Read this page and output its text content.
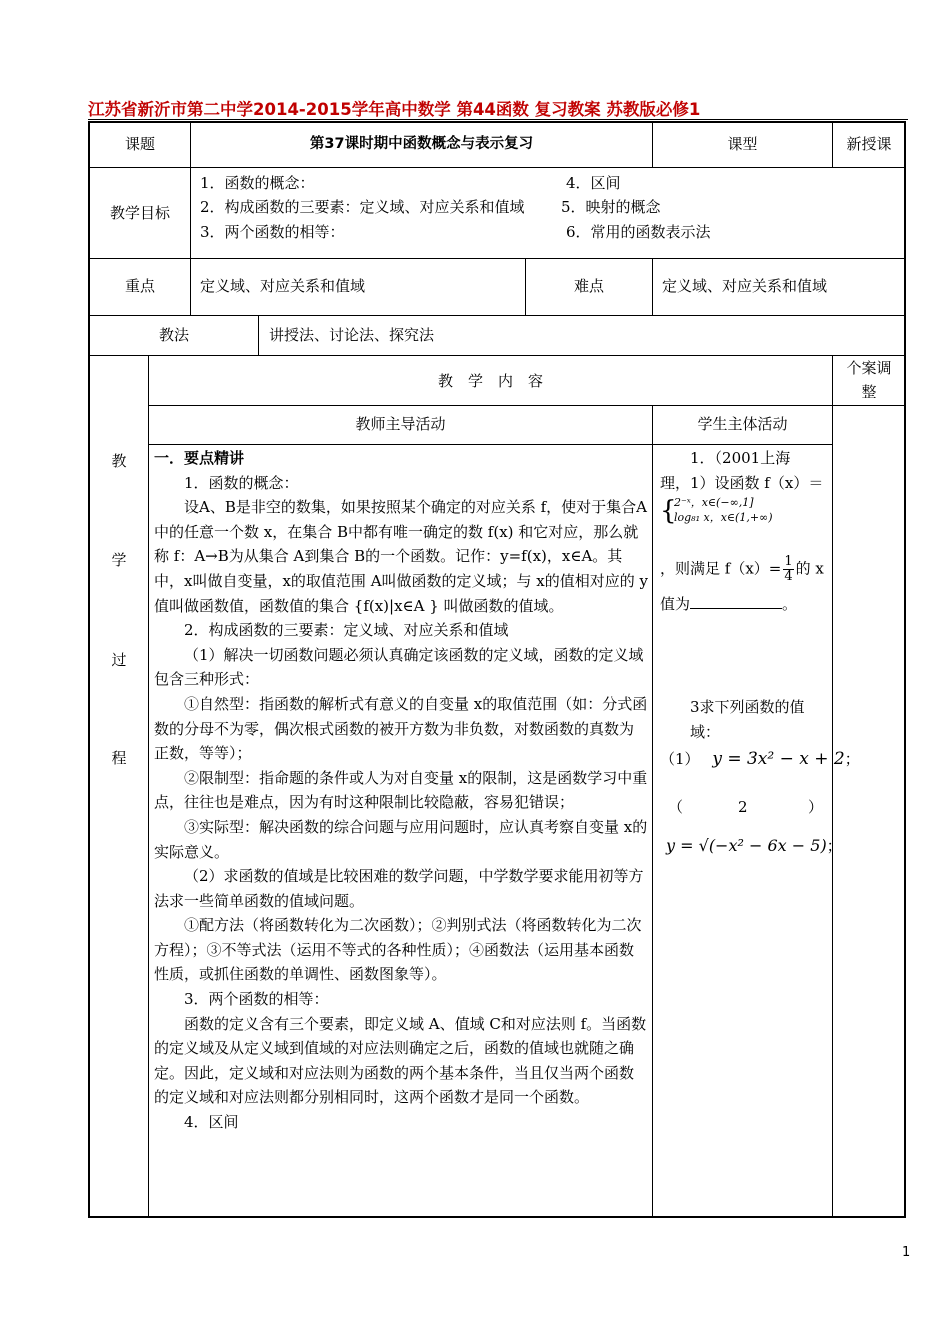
江苏省新沂市第二中学2014-2015学年高中数学 第44函数 复习教案 苏教版必修1
课题	第37课时期中函数概念与表示复习	课型	新授课
教学目标
1．函数的概念：	4．区间
2．构成函数的三要素：定义域、对应关系和值域 5．映射的概念
3．两个函数的相等：	6．常用的函数表示法
重点	定义域、对应关系和值域	难点	定义域、对应关系和值域
教法	讲授法、讨论法、探究法
教
学
过
程
教　学　内　容
个案调整
教师主导活动	学生主体活动

一．要点精讲

1．函数的概念：

设A、B是非空的数集，如果按照某个确定的对应关系 f，使对于集合A中的任意一个数 x，在集合 B中都有唯一确定的数 f(x) 和它对应，那么就称 f：A→B为从集合 A到集合 B的一个函数。记作：y=f(x)，x∈A。其中，x叫做自变量，x的取值范围 A叫做函数的定义域；与 x的值相对应的 y值叫做函数值，函数值的集合 {f(x)|x∈A } 叫做函数的值域。

2．构成函数的三要素：定义域、对应关系和值域

（1）解决一切函数问题必须认真确定该函数的定义域，函数的定义域包含三种形式：

①自然型：指函数的解析式有意义的自变量 x的取值范围（如：分式函数的分母不为零，偶次根式函数的被开方数为非负数，对数函数的真数为正数，等等）；

②限制型：指命题的条件或人为对自变量 x的限制，这是函数学习中重点，往往也是难点，因为有时这种限制比较隐蔽，容易犯错误；

③实际型：解决函数的综合问题与应用问题时，应认真考察自变量 x的实际意义。

（2）求函数的值域是比较困难的数学问题，中学数学要求能用初等方法求一些简单函数的值域问题。

①配方法（将函数转化为二次函数）；②判别式法（将函数转化为二次方程）；③不等式法（运用不等式的各种性质）；④函数法（运用基本函数性质，或抓住函数的单调性、函数图象等）。

3．两个函数的相等：

函数的定义含有三个要素，即定义域 A、值域 C和对应法则 f。当函数的定义域及从定义域到值域的对应法则确定之后，函数的值域也就随之确定。因此，定义域和对应法则为函数的两个基本条件，当且仅当两个函数的定义域和对应法则都分别相同时，这两个函数才是同一个函数。

4．区间

1．（2001上海
理，1）设函数 f（x）＝
{
2⁻ˣ，x∈(−∞,1]
log₈₁ x，x∈(1,+∞)
，则满足 $f(x)= \frac{1}{4}$ 的 x
值为	。
3求下列函数的值域：
（1） y = 3x² − x + 2；
（	2	）
y = √(−x² − 6x − 5)；
1
